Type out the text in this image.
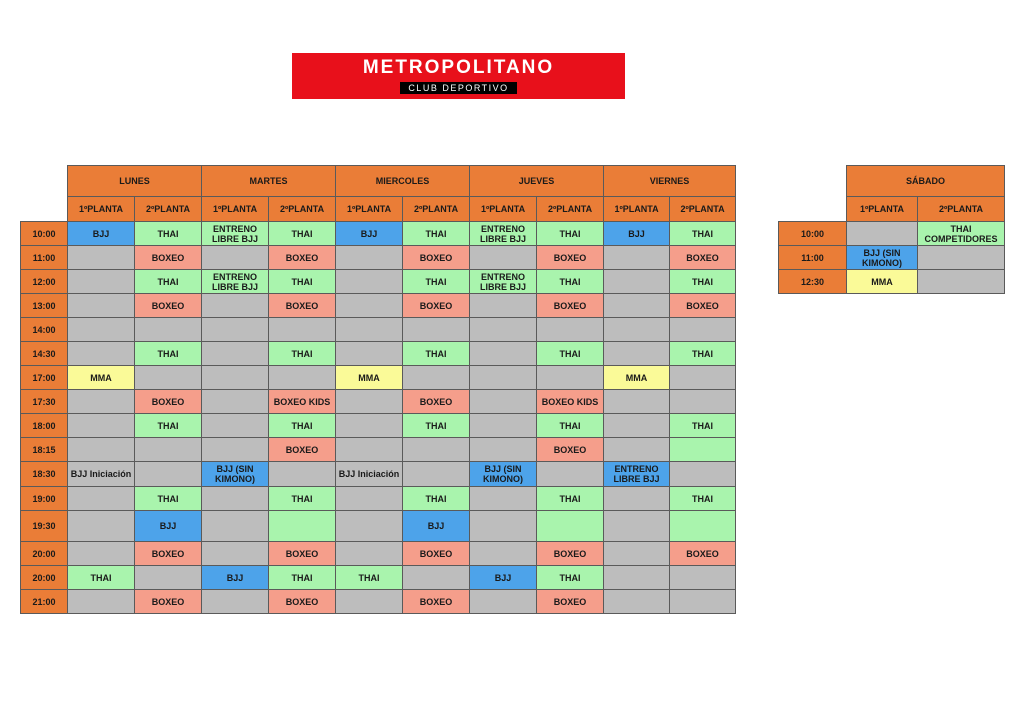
METROPOLITANO
CLUB DEPORTIVO
	LUNES		MARTES		MIERCOLES		JUEVES		VIERNES	
	1ºPLANTA	2ºPLANTA	1ºPLANTA	2ºPLANTA	1ºPLANTA	2ºPLANTA	1ºPLANTA	2ºPLANTA	1ºPLANTA	2ºPLANTA
10:00	BJJ	THAI	ENTRENO LIBRE BJJ	THAI	BJJ	THAI	ENTRENO LIBRE BJJ	THAI	BJJ	THAI
11:00		BOXEO		BOXEO		BOXEO		BOXEO		BOXEO
12:00		THAI	ENTRENO LIBRE BJJ	THAI		THAI	ENTRENO LIBRE BJJ	THAI		THAI
13:00		BOXEO		BOXEO		BOXEO		BOXEO		BOXEO
14:00										
14:30		THAI		THAI		THAI		THAI		THAI
17:00	MMA				MMA				MMA	
17:30		BOXEO		BOXEO KIDS		BOXEO		BOXEO KIDS		
18:00		THAI		THAI		THAI		THAI		THAI
18:15				BOXEO				BOXEO		
18:30	BJJ Iniciación		BJJ (SIN KIMONO)		BJJ Iniciación		BJJ (SIN KIMONO)		ENTRENO LIBRE BJJ	
19:00		THAI		THAI		THAI		THAI		THAI
19:30		BJJ				BJJ				
20:00		BOXEO		BOXEO		BOXEO		BOXEO		BOXEO
20:00	THAI		BJJ	THAI	THAI		BJJ	THAI		
21:00		BOXEO		BOXEO		BOXEO		BOXEO		
	SÁBADO	
	1ºPLANTA	2ºPLANTA
10:00		THAI COMPETIDORES
11:00	BJJ (SIN KIMONO)	
12:30	MMA	
